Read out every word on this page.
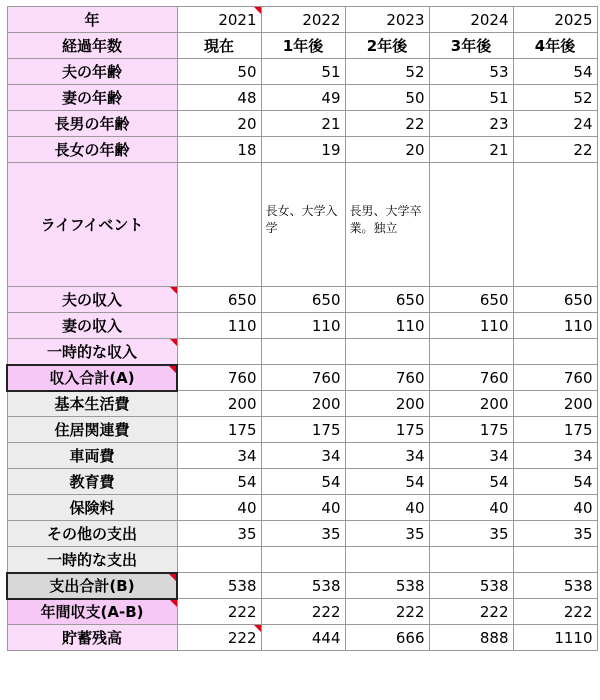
年	2021	2022	2023	2024	2025
経過年数	現在	1年後	2年後	3年後	4年後
夫の年齢	50	51	52	53	54
妻の年齢	48	49	50	51	52
長男の年齢	20	21	22	23	24
長女の年齢	18	19	20	21	22
ライフイベント		長女、大学入学	長男、大学卒業。独立		
夫の収入	650	650	650	650	650
妻の収入	110	110	110	110	110
一時的な収入

収入合計(A)	760	760	760	760	760
基本生活費	200	200	200	200	200
住居関連費	175	175	175	175	175
車両費	34	34	34	34	34
教育費	54	54	54	54	54
保険料	40	40	40	40	40
その他の支出	35	35	35	35	35
一時的な支出					
支出合計(B)	538	538	538	538	538
年間収支(A-B)	222	222	222	222	222
貯蓄残高	222	444	666	888	1110
